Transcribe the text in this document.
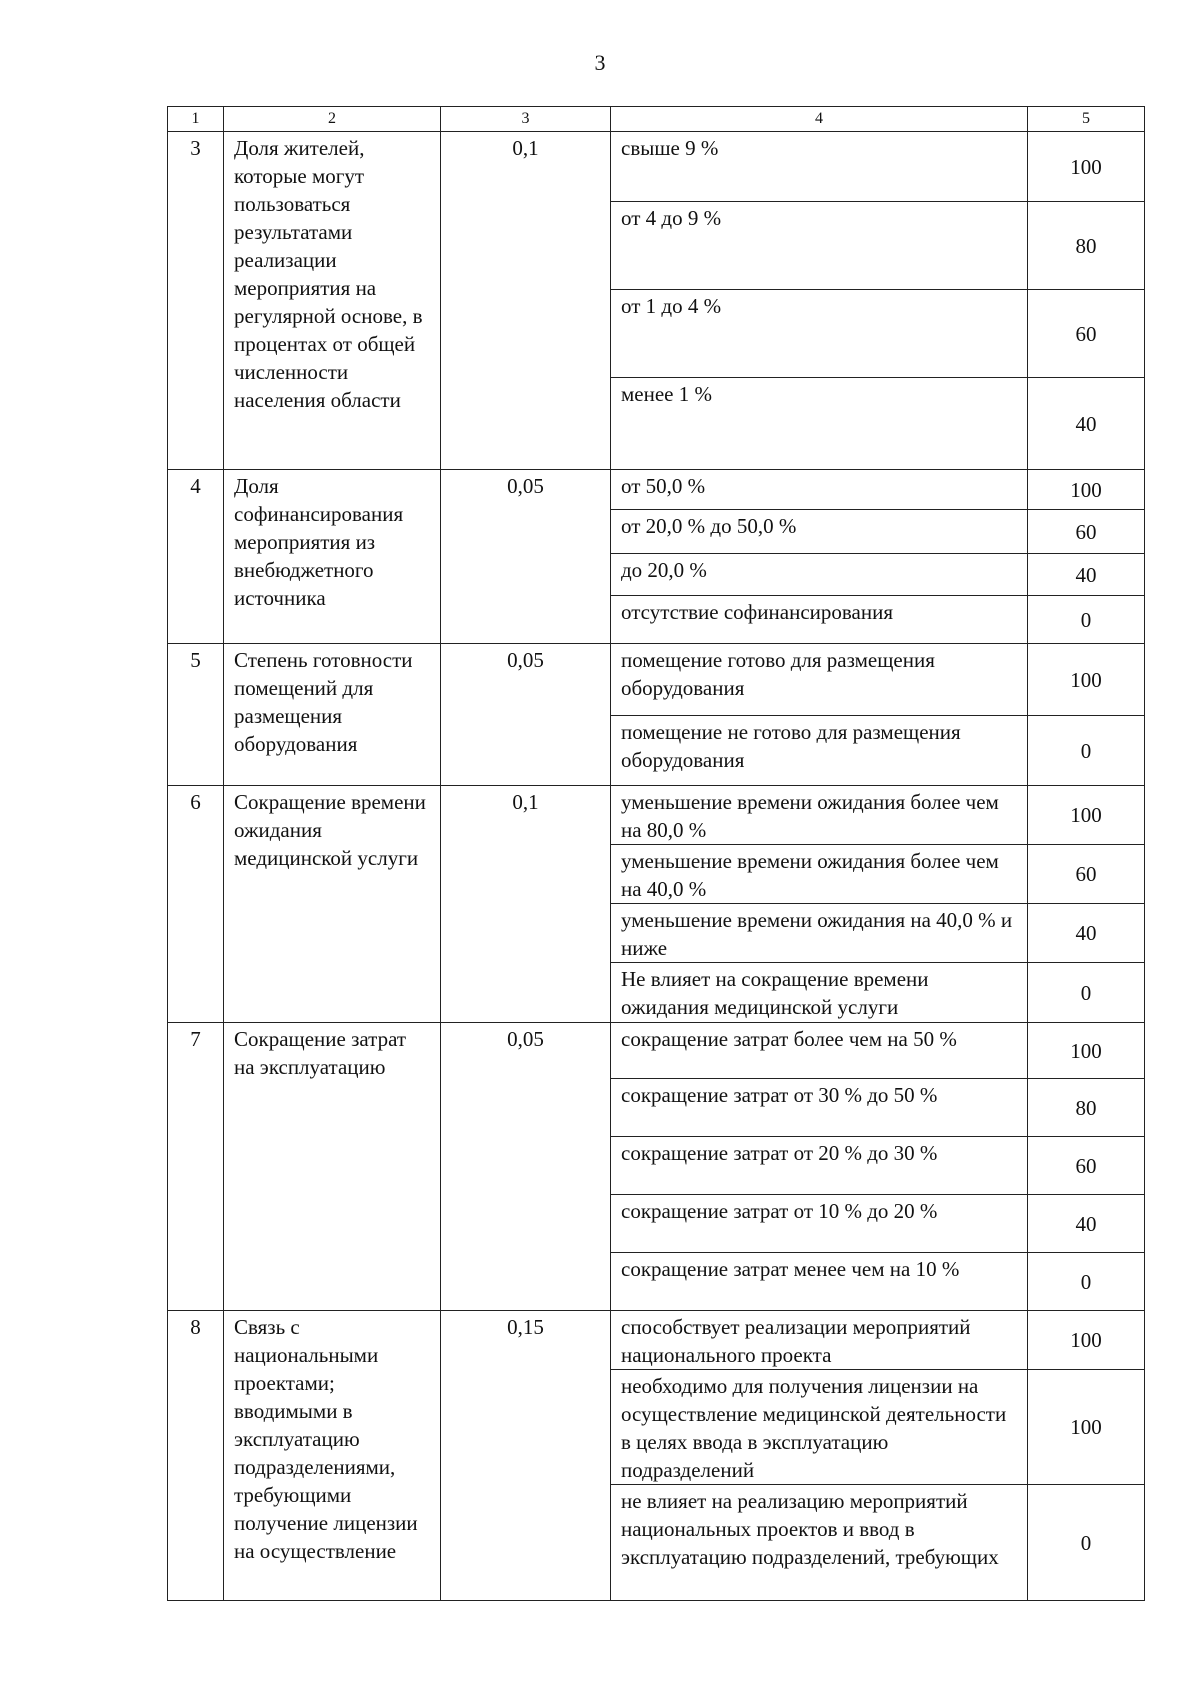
3
1	2	3	4	5
3	Доля жителей, которые могут пользоваться результатами реализации мероприятия на регулярной основе, в процентах от общей численности населения области	0,1	свыше 9 %	100
			от 4 до 9 %	80
			от 1 до 4 %	60
			менее 1 %	40
4	Доля софинансирования мероприятия из внебюджетного источника	0,05	от 50,0 %	100
			от 20,0 % до 50,0 %	60
			до 20,0 %	40
			отсутствие софинансирования	0
5	Степень готовности помещений для размещения оборудования	0,05	помещение готово для размещения оборудования	100
			помещение не готово для размещения оборудования	0
6	Сокращение времени ожидания медицинской услуги	0,1	уменьшение времени ожидания более чем на 80,0 %	100
			уменьшение времени ожидания более чем на 40,0 %	60
			уменьшение времени ожидания на 40,0 % и ниже	40
			Не влияет на сокращение времени ожидания медицинской услуги	0
7	Сокращение затрат на эксплуатацию	0,05	сокращение затрат более чем на 50 %	100
			сокращение затрат от 30 % до 50 %	80
			сокращение затрат от 20 % до 30 %	60
			сокращение затрат от 10 % до 20 %	40
			сокращение затрат менее чем на 10 %	0
8	Связь с национальными проектами; вводимыми в эксплуатацию подразделениями, требующими получение лицензии на осуществление	0,15	способствует реализации мероприятий национального проекта	100
			необходимо для получения лицензии на осуществление медицинской деятельности в целях ввода в эксплуатацию подразделений	100
			не влияет на реализацию мероприятий национальных проектов и ввод в эксплуатацию подразделений, требующих	0
